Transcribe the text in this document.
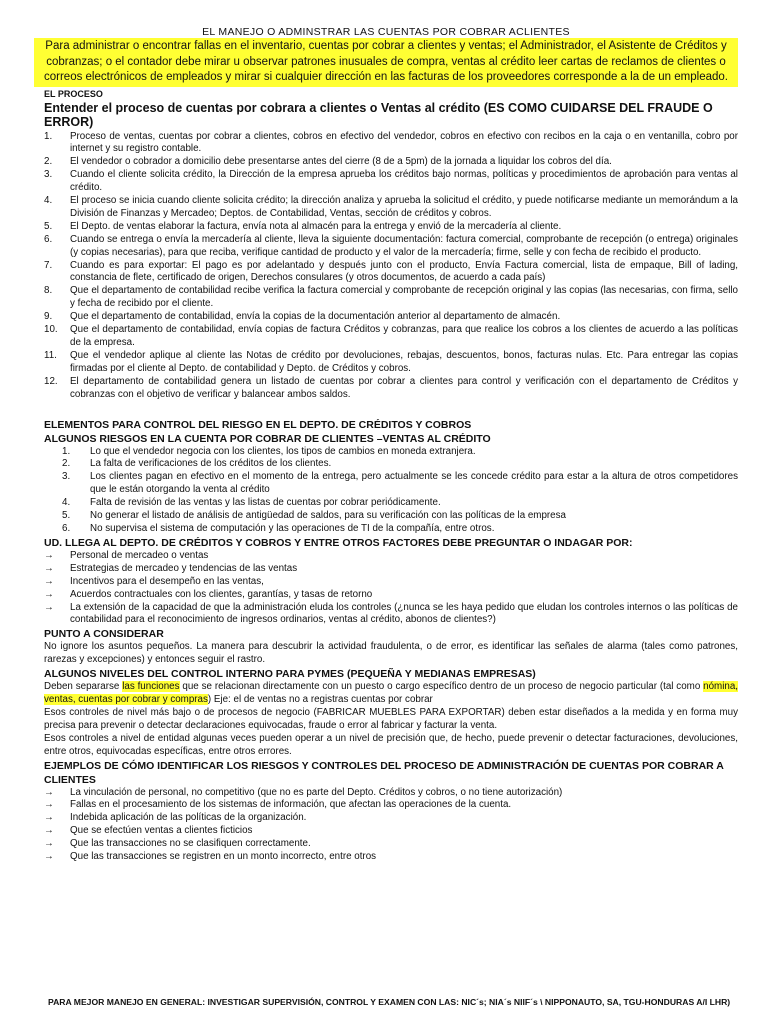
EL MANEJO O ADMINSTRAR LAS CUENTAS POR COBRAR ACLIENTES
Para administrar o encontrar fallas en el inventario, cuentas por cobrar a clientes y ventas; el Administrador, el Asistente de Créditos y cobranzas; o el contador debe mirar u observar patrones inusuales de compra, ventas al crédito leer cartas de reclamos de clientes o correos electrónicos de empleados y mirar si cualquier dirección en las facturas de los proveedores corresponde a la de un empleado.
EL PROCESO
Entender el proceso de cuentas por cobrara a clientes o Ventas al crédito (ES COMO CUIDARSE DEL FRAUDE O ERROR)
1.	Proceso de ventas, cuentas por cobrar a clientes, cobros en efectivo del vendedor, cobros en efectivo con recibos en la caja o en ventanilla, cobro por internet y su registro contable.
2.	El vendedor o cobrador a domicilio debe presentarse antes del cierre (8 de a 5pm) de la jornada a liquidar los cobros del día.
3.	Cuando el cliente solicita crédito, la Dirección de la empresa aprueba los créditos bajo normas, políticas y procedimientos de aprobación para ventas al crédito.
4.	El proceso se inicia cuando cliente solicita crédito; la dirección analiza y aprueba la solicitud el crédito, y puede notificarse mediante un memorándum a la División de Finanzas y Mercadeo; Deptos. de Contabilidad, Ventas, sección de créditos y cobros.
5.	El Depto. de ventas elaborar la factura, envía nota al almacén para la entrega y envió de la mercadería al cliente.
6.	Cuando se entrega o envía la mercadería al cliente, lleva la siguiente documentación: factura comercial, comprobante de recepción (o entrega) originales (y copias necesarias), para que reciba, verifique cantidad de producto y el valor de la mercadería; firme, selle y con fecha de recibido el producto.
7.	Cuando es para exportar: El pago es por adelantado y después junto con el producto, Envía Factura comercial, lista de empaque, Bill of lading, constancia de flete, certificado de origen, Derechos consulares (y otros documentos, de acuerdo a cada país)
8.	Que el departamento de contabilidad recibe verifica la factura comercial y comprobante de recepción original y las copias (las necesarias, con firma, sello y fecha de recibido por el cliente.
9.	Que el departamento de contabilidad, envía la copias de la documentación anterior al departamento de almacén.
10.	Que el departamento de contabilidad, envía copias de factura Créditos y cobranzas, para que realice los cobros a los clientes de acuerdo a las políticas de la empresa.
11.	Que el vendedor aplique al cliente las Notas de crédito por devoluciones, rebajas, descuentos, bonos, facturas nulas. Etc. Para entregar las copias firmadas por el cliente al Depto. de contabilidad y Depto. de Créditos y cobros.
12.	El departamento de contabilidad genera un listado de cuentas por cobrar a clientes para control y verificación con el departamento de Créditos y cobranzas con el objetivo de verificar y balancear ambos saldos.
ELEMENTOS PARA CONTROL DEL RIESGO EN EL DEPTO. DE CRÉDITOS Y COBROS
ALGUNOS RIESGOS EN LA CUENTA POR COBRAR DE CLIENTES –VENTAS AL CRÉDITO
1.	Lo que el vendedor negocia con los clientes, los tipos de cambios en moneda extranjera.
2.	La falta de verificaciones de los créditos de los clientes.
3.	Los clientes pagan en efectivo en el momento de la entrega, pero actualmente se les concede crédito para estar a la altura de otros competidores que le están otorgando la venta al crédito
4.	Falta de revisión de las ventas y las listas de cuentas por cobrar periódicamente.
5.	No generar el listado de análisis de antigüedad de saldos, para su verificación con las políticas de la empresa
6.	No supervisa el sistema de computación y las operaciones de TI de la compañía, entre otros.
UD. LLEGA AL DEPTO. DE CRÉDITOS Y COBROS Y ENTRE OTROS FACTORES DEBE PREGUNTAR O INDAGAR POR:
→	Personal de mercadeo o ventas
→	Estrategias de mercadeo y tendencias de las ventas
→	Incentivos para el desempeño en las ventas,
→	Acuerdos contractuales con los clientes, garantías, y tasas de retorno
→	La extensión de la capacidad de que la administración eluda los controles (¿nunca se les haya pedido que eludan los controles internos o las políticas de contabilidad para el reconocimiento de ingresos ordinarios, ventas al crédito, abonos de clientes?)
PUNTO A CONSIDERAR

No ignore los asuntos pequeños. La manera para descubrir la actividad fraudulenta, o de error, es identificar las señales de alarma (tales como patrones, rarezas y excepciones) y entonces seguir el rastro.

ALGUNOS NIVELES DEL CONTROL INTERNO PARA PYMES (PEQUEÑA Y MEDIANAS EMPRESAS)

Deben separarse las funciones que se relacionan directamente con un puesto o cargo específico dentro de un proceso de negocio particular (tal como nómina, ventas, cuentas por cobrar y compras) Eje: el de ventas no a registras cuentas por cobrar

Esos controles de nivel más bajo o de procesos de negocio (FABRICAR MUEBLES PARA EXPORTAR) deben estar diseñados a la medida y en forma muy precisa para prevenir o detectar declaraciones equivocadas, fraude o error al fabricar y facturar la venta.

Esos controles a nivel de entidad algunas veces pueden operar a un nivel de precisión que, de hecho, puede prevenir o detectar facturaciones, devoluciones, entre otros, equivocadas específicas, entre otros errores.

EJEMPLOS DE CÓMO IDENTIFICAR LOS RIESGOS Y CONTROLES DEL PROCESO DE ADMINISTRACIÓN DE CUENTAS POR COBRAR A CLIENTES
→	La vinculación de personal, no competitivo (que no es parte del Depto. Créditos y cobros, o no tiene autorización)
→	Fallas en el procesamiento de los sistemas de información, que afectan las operaciones de la cuenta.
→	Indebida aplicación de las políticas de la organización.
→	Que se efectúen ventas a clientes ficticios
→	Que las transacciones no se clasifiquen correctamente.
→	Que las transacciones se registren en un monto incorrecto, entre otros
PARA MEJOR MANEJO EN GENERAL: INVESTIGAR SUPERVISIÓN, CONTROL Y EXAMEN CON LAS: NIC´s; NIA´s NIIF´s \ NIPPONAUTO, SA, TGU-HONDURAS A/I LHR)
